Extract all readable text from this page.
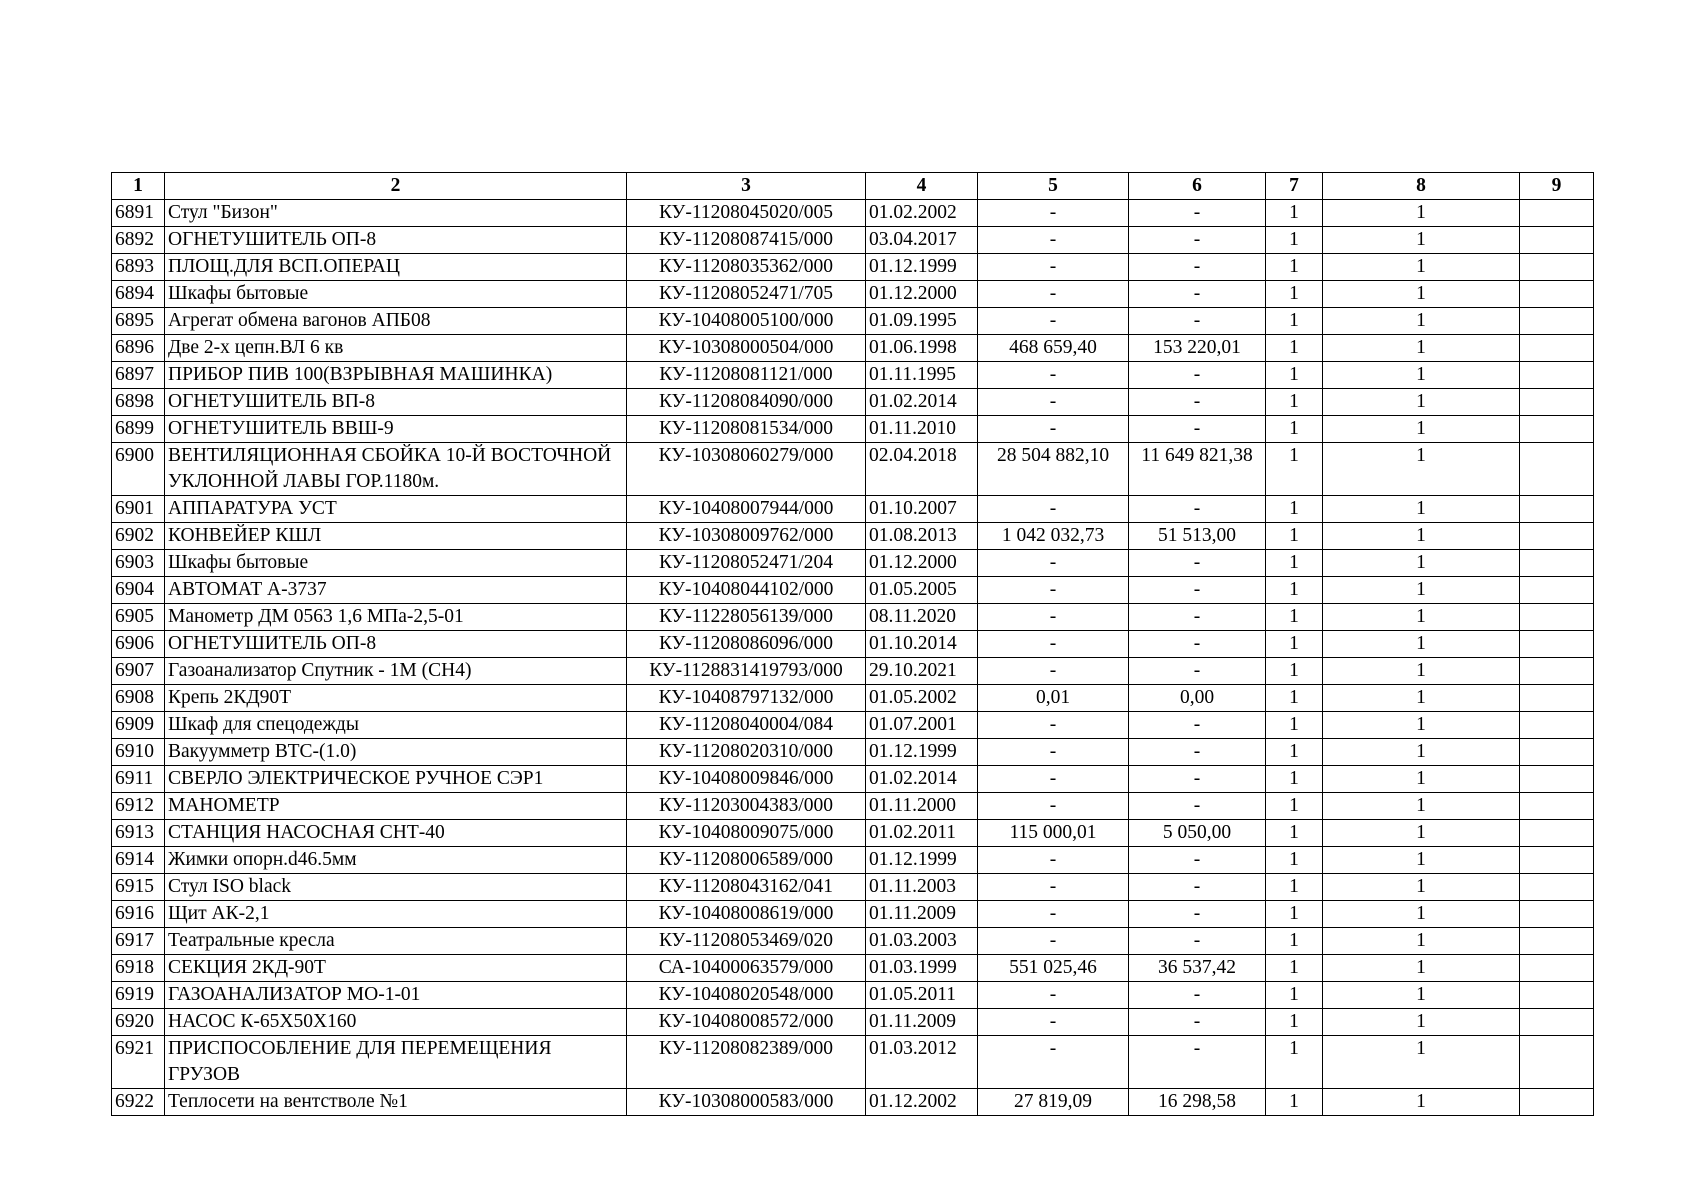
1	2	3	4	5	6	7	8	9
6891	Стул "Бизон"	КУ-11208045020/005	01.02.2002	-	-	1	1	
6892	ОГНЕТУШИТЕЛЬ ОП-8	КУ-11208087415/000	03.04.2017	-	-	1	1	
6893	ПЛОЩ.ДЛЯ ВСП.ОПЕРАЦ	КУ-11208035362/000	01.12.1999	-	-	1	1	
6894	Шкафы бытовые	КУ-11208052471/705	01.12.2000	-	-	1	1	
6895	Агрегат обмена вагонов АПБ08	КУ-10408005100/000	01.09.1995	-	-	1	1	
6896	Две 2-х цепн.ВЛ 6 кв	КУ-10308000504/000	01.06.1998	468 659,40	153 220,01	1	1	
6897	ПРИБОР ПИВ 100(ВЗРЫВНАЯ МАШИНКА)	КУ-11208081121/000	01.11.1995	-	-	1	1	
6898	ОГНЕТУШИТЕЛЬ ВП-8	КУ-11208084090/000	01.02.2014	-	-	1	1	
6899	ОГНЕТУШИТЕЛЬ ВВШ-9	КУ-11208081534/000	01.11.2010	-	-	1	1	
6900	ВЕНТИЛЯЦИОННАЯ СБОЙКА 10-Й ВОСТОЧНОЙ УКЛОННОЙ ЛАВЫ ГОР.1180м.	КУ-10308060279/000	02.04.2018	28 504 882,10	11 649 821,38	1	1	
6901	АППАРАТУРА УСТ	КУ-10408007944/000	01.10.2007	-	-	1	1	
6902	КОНВЕЙЕР КШЛ	КУ-10308009762/000	01.08.2013	1 042 032,73	51 513,00	1	1	
6903	Шкафы бытовые	КУ-11208052471/204	01.12.2000	-	-	1	1	
6904	АВТОМАТ А-3737	КУ-10408044102/000	01.05.2005	-	-	1	1	
6905	Манометр ДМ 0563 1,6 МПа-2,5-01	КУ-11228056139/000	08.11.2020	-	-	1	1	
6906	ОГНЕТУШИТЕЛЬ ОП-8	КУ-11208086096/000	01.10.2014	-	-	1	1	
6907	Газоанализатор Спутник - 1М (СН4)	КУ-1128831419793/000	29.10.2021	-	-	1	1	
6908	Крепь 2КД90Т	КУ-10408797132/000	01.05.2002	0,01	0,00	1	1	
6909	Шкаф для спецодежды	КУ-11208040004/084	01.07.2001	-	-	1	1	
6910	Вакуумметр ВТС-(1.0)	КУ-11208020310/000	01.12.1999	-	-	1	1	
6911	СВЕРЛО ЭЛЕКТРИЧЕСКОЕ РУЧНОЕ СЭР1	КУ-10408009846/000	01.02.2014	-	-	1	1	
6912	МАНОМЕТР	КУ-11203004383/000	01.11.2000	-	-	1	1	
6913	СТАНЦИЯ НАСОСНАЯ СНТ-40	КУ-10408009075/000	01.02.2011	115 000,01	5 050,00	1	1	
6914	Жимки опорн.d46.5мм	КУ-11208006589/000	01.12.1999	-	-	1	1	
6915	Стул ISO black	КУ-11208043162/041	01.11.2003	-	-	1	1	
6916	Щит АК-2,1	КУ-10408008619/000	01.11.2009	-	-	1	1	
6917	Театральные кресла	КУ-11208053469/020	01.03.2003	-	-	1	1	
6918	СЕКЦИЯ 2КД-90Т	СА-10400063579/000	01.03.1999	551 025,46	36 537,42	1	1	
6919	ГАЗОАНАЛИЗАТОР МО-1-01	КУ-10408020548/000	01.05.2011	-	-	1	1	
6920	НАСОС К-65Х50Х160	КУ-10408008572/000	01.11.2009	-	-	1	1	
6921	ПРИСПОСОБЛЕНИЕ ДЛЯ ПЕРЕМЕЩЕНИЯ ГРУЗОВ	КУ-11208082389/000	01.03.2012	-	-	1	1	
6922	Теплосети на вентстволе №1	КУ-10308000583/000	01.12.2002	27 819,09	16 298,58	1	1	
